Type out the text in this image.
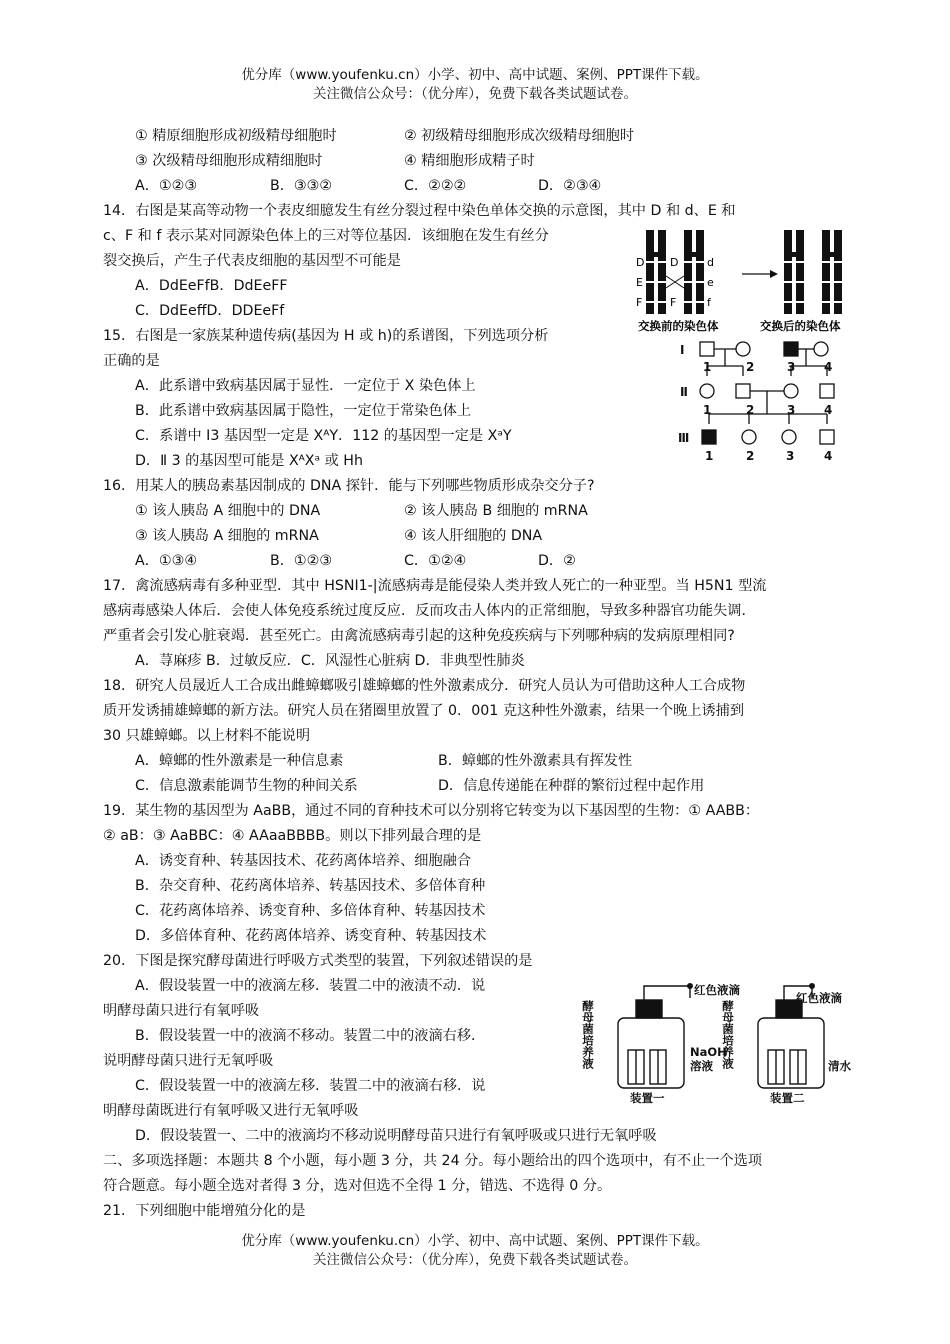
优分库（www.youfenku.cn）小学、初中、高中试题、案例、PPT课件下载。
关注微信公众号：（优分库），免费下载各类试题试卷。
① 精原细胞形成初级精母细胞时	② 初级精母细胞形成次级精母细胞时
③ 次级精母细胞形成精细胞时	④ 精细胞形成精子时
A．①②③	B．③③②	C．②②②	D．②③④
14．右图是某高等动物一个表皮细臆发生有丝分裂过程中染色单体交换的示意图，其中 D 和 d、E 和
c、F 和 f 表示某对同源染色体上的三对等位基因．该细胞在发生有丝分
裂交换后，产生子代表皮细胞的基因型不可能是
A．DdEeFfB．DdEeFF
C．DdEeffD．DDEeFf
D D	d
E	e
F	F	f
交换前的染色体	交换后的染色体
15．右图是一家族某种遗传病(基因为 H 或 h)的系谱图，下列选项分析
正确的是
A．此系谱中致病基因属于显性．一定位于 X 染色体上
B．此系谱中致病基因属于隐性，一定位于常染色体上
C．系谱中 I3 基因型一定是 XᴬY．112 的基因型一定是 XᵃY
D．Ⅱ 3 的基因型可能是 XᴬXᵃ 或 Hh
Ⅰ
Ⅱ
Ⅲ
1	2	3 4
1	2	3 4
1	2	3 4
16．用某人的胰岛素基因制成的 DNA 探针．能与下列哪些物质形成杂交分子?
① 该人胰岛 A 细胞中的 DNA	② 该人胰岛 B 细胞的 mRNA
③ 该人胰岛 A 细胞的 mRNA	④ 该人肝细胞的 DNA
A．①③④	B．①②③	C．①②④	D．②
17．禽流感病毒有多种亚型．其中 HSNI1-|流感病毒是能侵染人类并致人死亡的一种亚型。当 H5N1 型流
感病毒感染人体后．会使人体免疫系统过度反应．反而攻击人体内的正常细胞，导致多种器官功能失调．
严重者会引发心脏衰竭．甚至死亡。由禽流感病毒引起的这种免疫疾病与下列哪种病的发病原理相同?
A．荨麻疹 B．过敏反应．C．风湿性心脏病 D．非典型性肺炎
18．研究人员晟近人工合成出雌蟑螂吸引雄蟑螂的性外激素成分．研究人员认为可借助这种人工合成物
质开发诱捕雄蟑螂的新方法。研究人员在猪圈里放置了 0．001 克这种性外激素，结果一个晚上诱捕到
30 只雄蟑螂。以上材料不能说明
A．蟑螂的性外激素是一种信息素	B．蟑螂的性外激素具有挥发性
C．信息激素能调节生物的种间关系	D．信息传递能在种群的繁衍过程中起作用
19．某生物的基因型为 AaBB，通过不同的育种技术可以分别将它转变为以下基因型的生物：① AABB：
② aB：③ AaBBC：④ AAaaBBBB。则以下排列最合理的是
A．诱变育种、转基因技术、花药离体培养、细胞融合
B．杂交育种、花药离体培养、转基因技术、多倍体育种
C．花药离体培养、诱变育种、多倍体育种、转基因技术
D．多倍体育种、花药离体培养、诱变育种、转基因技术
20．下图是探究酵母菌进行呼吸方式类型的装置，下列叙述错误的是
A．假设装置一中的液滴左移．装置二中的液渍不动．说
明酵母菌只进行有氧呼吸
B．假设装置一中的液滴不移动。装置二中的液滴右移．
说明酵母菌只进行无氧呼吸
C．假设装置一中的液滴左移．装置二中的液滴右移．说
明酵母菌既进行有氧呼吸又进行无氧呼吸
D．假设装置一、二中的液滴均不移动说明酵母苗只进行有氧呼吸或只进行无氧呼吸
红色液滴
红色液滴
NaOH
溶液	清水
装置一	装置二
酵母菌培养液	酵母菌培养液
二、多项选择题：本题共 8 个小题，每小题 3 分，共 24 分。每小题给出的四个选项中，有不止一个选项
符合题意。每小题全选对者得 3 分，选对但选不全得 1 分，错选、不选得 0 分。
21．下列细胞中能增殖分化的是
优分库（www.youfenku.cn）小学、初中、高中试题、案例、PPT课件下载。
关注微信公众号：（优分库），免费下载各类试题试卷。
